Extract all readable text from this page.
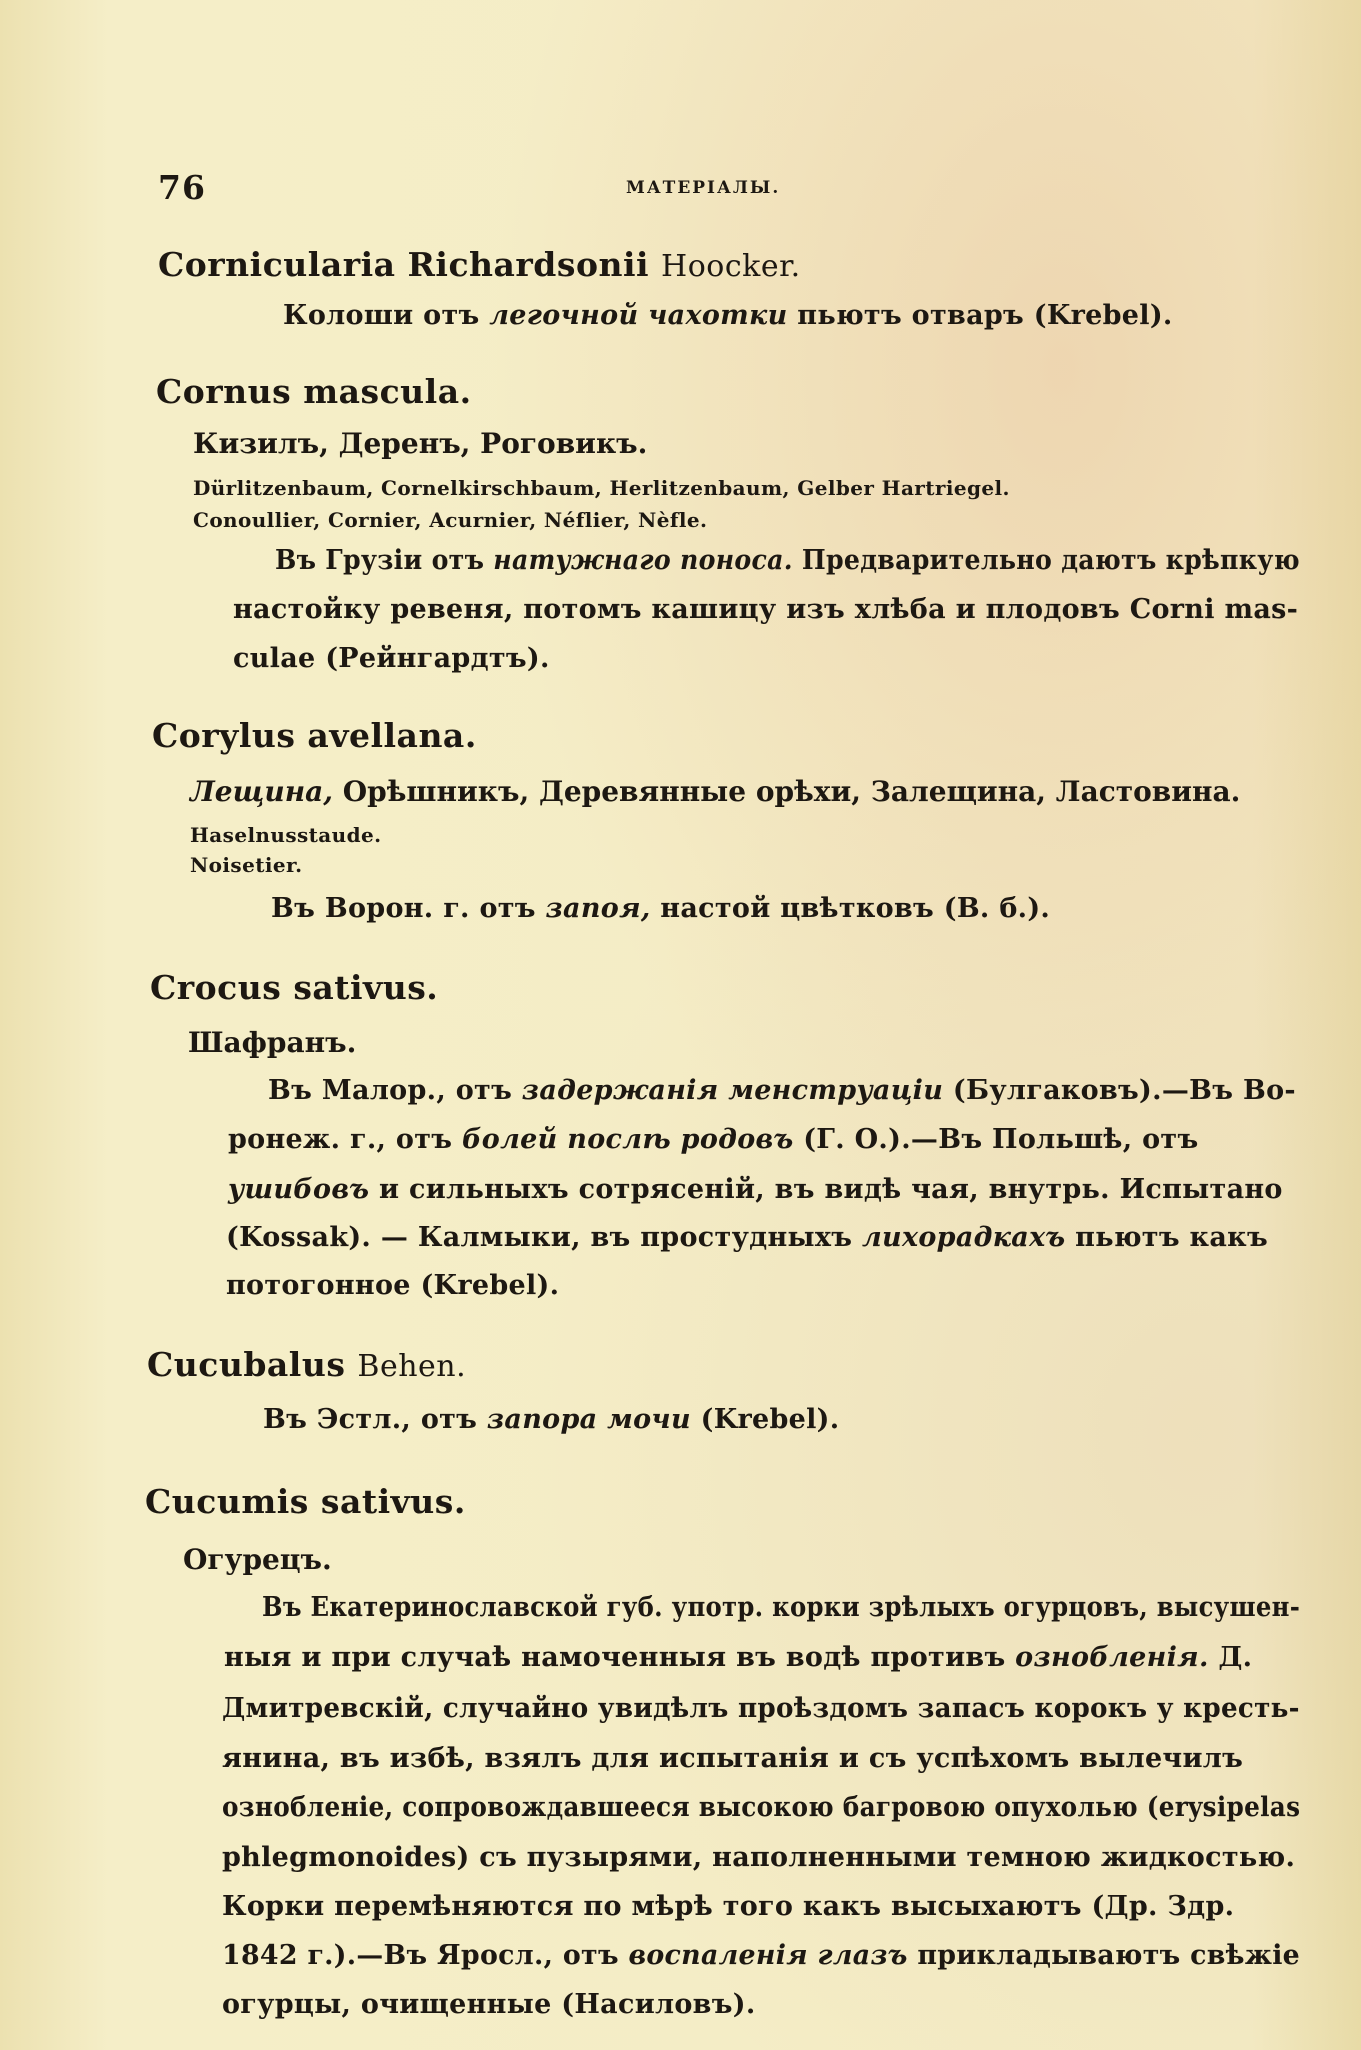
76	МАТЕРІАЛЫ.
Cornicularia Richardsonii Hoocker.
Колоши отъ легочной чахотки пьютъ отваръ (Krebel).
Cornus mascula.
Кизилъ, Деренъ, Роговикъ.
Dürlitzenbaum, Cornelkirschbaum, Herlitzenbaum, Gelber Hartriegel.
Conoullier, Cornier, Acurnier, Néflier, Nèfle.
Въ Грузіи отъ натужнаго поноса. Предварительно даютъ крѣпкую
настойку ревеня, потомъ кашицу изъ хлѣба и плодовъ Corni mas-
culae (Рейнгардтъ).
Corylus avellana.
Лещина, Орѣшникъ, Деревянные орѣхи, Залещина, Ластовина.
Haselnusstaude.
Noisetier.
Въ Ворон. г. отъ запоя, настой цвѣтковъ (В. б.).
Crocus sativus.
Шафранъ.
Въ Малор., отъ задержанія менструаціи (Булгаковъ).—Въ Во-
ронеж. г., отъ болей послѣ родовъ (Г. О.).—Въ Польшѣ, отъ
ушибовъ и сильныхъ сотрясеній, въ видѣ чая, внутрь. Испытано
(Kossak). — Калмыки, въ простудныхъ лихорадкахъ пьютъ какъ
потогонное (Krebel).
Cucubalus Behen.
Въ Эстл., отъ запора мочи (Krebel).
Cucumis sativus.
Огурецъ.
Въ Екатеринославской губ. употр. корки зрѣлыхъ огурцовъ, высушен-
ныя и при случаѣ намоченныя въ водѣ противъ ознобленія. Д.
Дмитревскій, случайно увидѣлъ проѣздомъ запасъ корокъ у кресть-
янина, въ избѣ, взялъ для испытанія и съ успѣхомъ вылечилъ
ознобленіе, сопровождавшееся высокою багровою опухолью (erysipelas
phlegmonoides) съ пузырями, наполненными темною жидкостью.
Корки перемѣняются по мѣрѣ того какъ высыхаютъ (Др. Здр.
1842 г.).—Въ Яросл., отъ воспаленія глазъ прикладываютъ свѣжіе
огурцы, очищенные (Насиловъ).
